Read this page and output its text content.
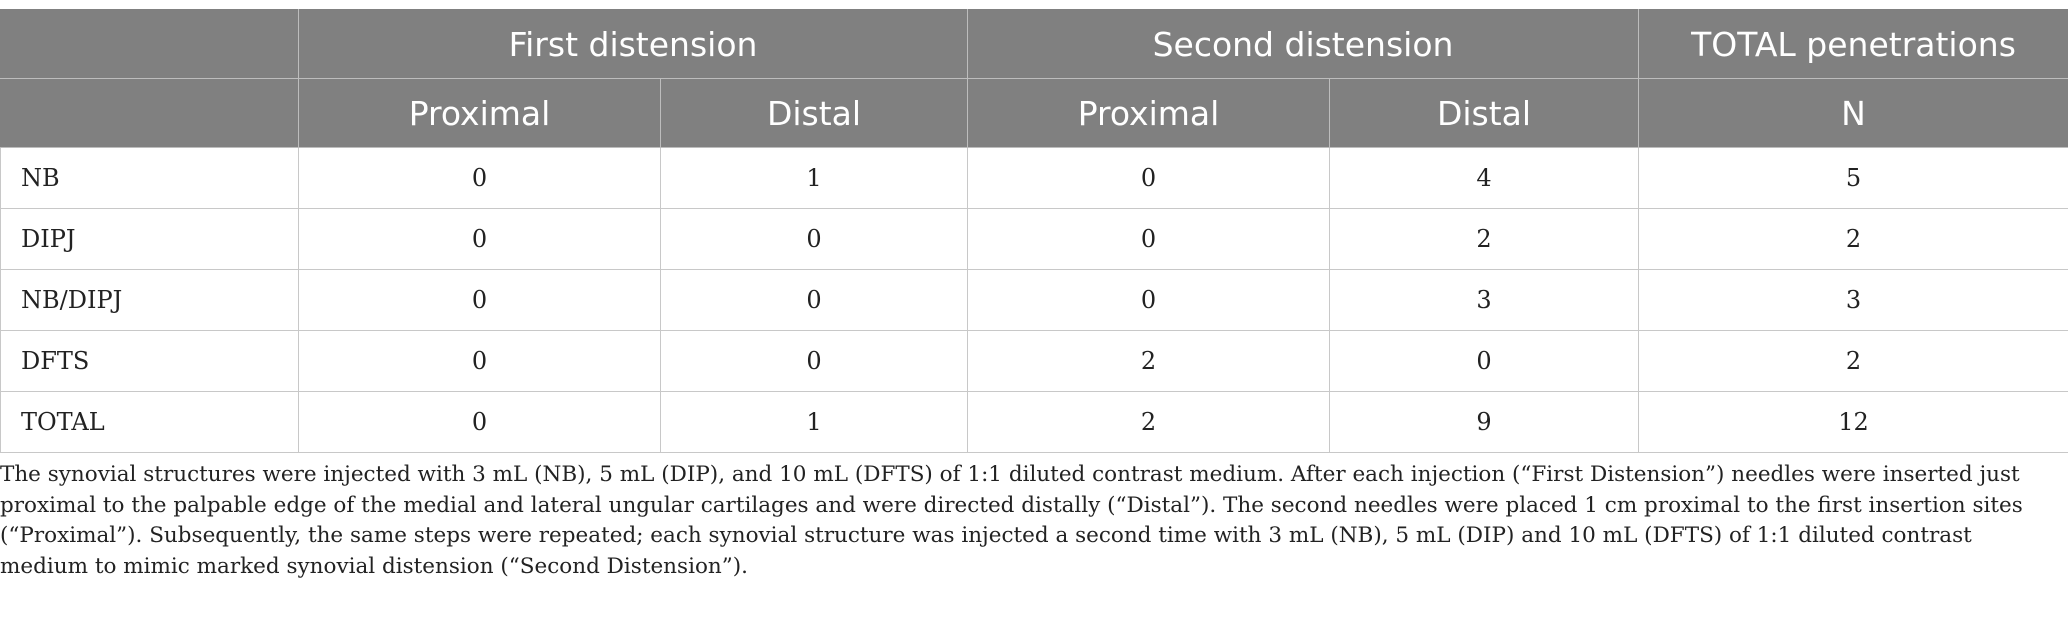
	First distension		Second distension		TOTAL penetrations
	Proximal	Distal	Proximal	Distal	N
NB	0	1	0	4	5
DIPJ	0	0	0	2	2
NB/DIPJ	0	0	0	3	3
DFTS	0	0	2	0	2
TOTAL	0	1	2	9	12

The synovial structures were injected with 3 mL (NB), 5 mL (DIP), and 10 mL (DFTS) of 1:1 diluted contrast medium. After each injection (“First Distension”) needles were inserted just proximal to the palpable edge of the medial and lateral ungular cartilages and were directed distally (“Distal”). The second needles were placed 1 cm proximal to the first insertion sites (“Proximal”). Subsequently, the same steps were repeated; each synovial structure was injected a second time with 3 mL (NB), 5 mL (DIP) and 10 mL (DFTS) of 1:1 diluted contrast medium to mimic marked synovial distension (“Second Distension”).
